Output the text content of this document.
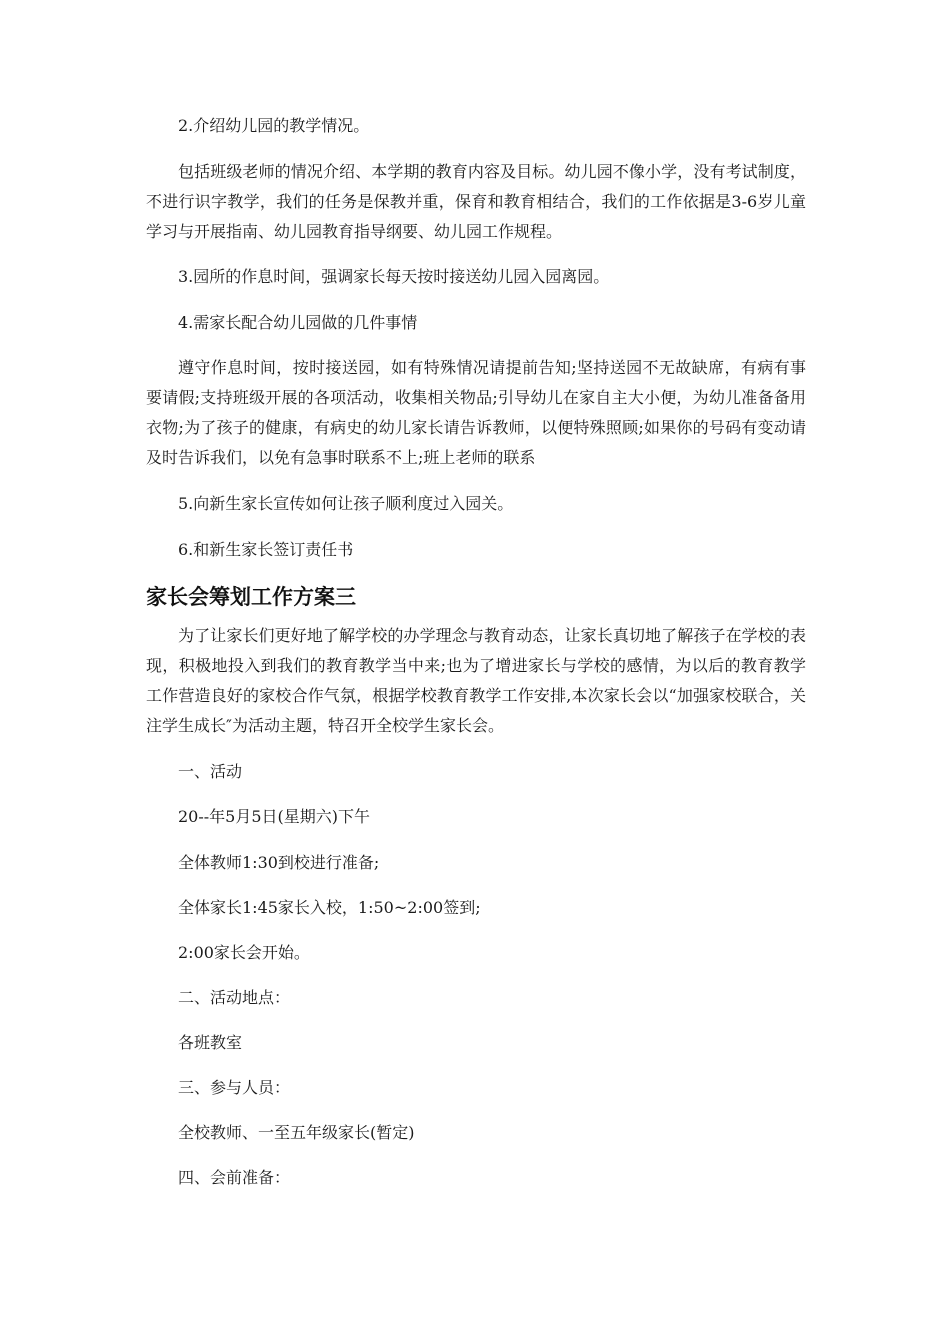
2.介绍幼儿园的教学情况。

包括班级老师的情况介绍、本学期的教育内容及目标。幼儿园不像小学，没有考试制度，不进行识字教学，我们的任务是保教并重，保育和教育相结合，我们的工作依据是3-6岁儿童学习与开展指南、幼儿园教育指导纲要、幼儿园工作规程。

3.园所的作息时间，强调家长每天按时接送幼儿园入园离园。

4.需家长配合幼儿园做的几件事情

遵守作息时间，按时接送园，如有特殊情况请提前告知;坚持送园不无故缺席，有病有事要请假;支持班级开展的各项活动，收集相关物品;引导幼儿在家自主大小便，为幼儿准备备用衣物;为了孩子的健康，有病史的幼儿家长请告诉教师，以便特殊照顾;如果你的号码有变动请及时告诉我们，以免有急事时联系不上;班上老师的联系

5.向新生家长宣传如何让孩子顺利度过入园关。

6.和新生家长签订责任书

家长会筹划工作方案三

为了让家长们更好地了解学校的办学理念与教育动态，让家长真切地了解孩子在学校的表现，积极地投入到我们的教育教学当中来;也为了增进家长与学校的感情，为以后的教育教学工作营造良好的家校合作气氛，根据学校教育教学工作安排,本次家长会以“加强家校联合，关注学生成长″为活动主题，特召开全校学生家长会。

一、活动

20--年5月5日(星期六)下午

全体教师1:30到校进行准备;

全体家长1:45家长入校，1:50~2:00签到;

2:00家长会开始。

二、活动地点：

各班教室

三、参与人员：

全校教师、一至五年级家长(暂定)

四、会前准备：
